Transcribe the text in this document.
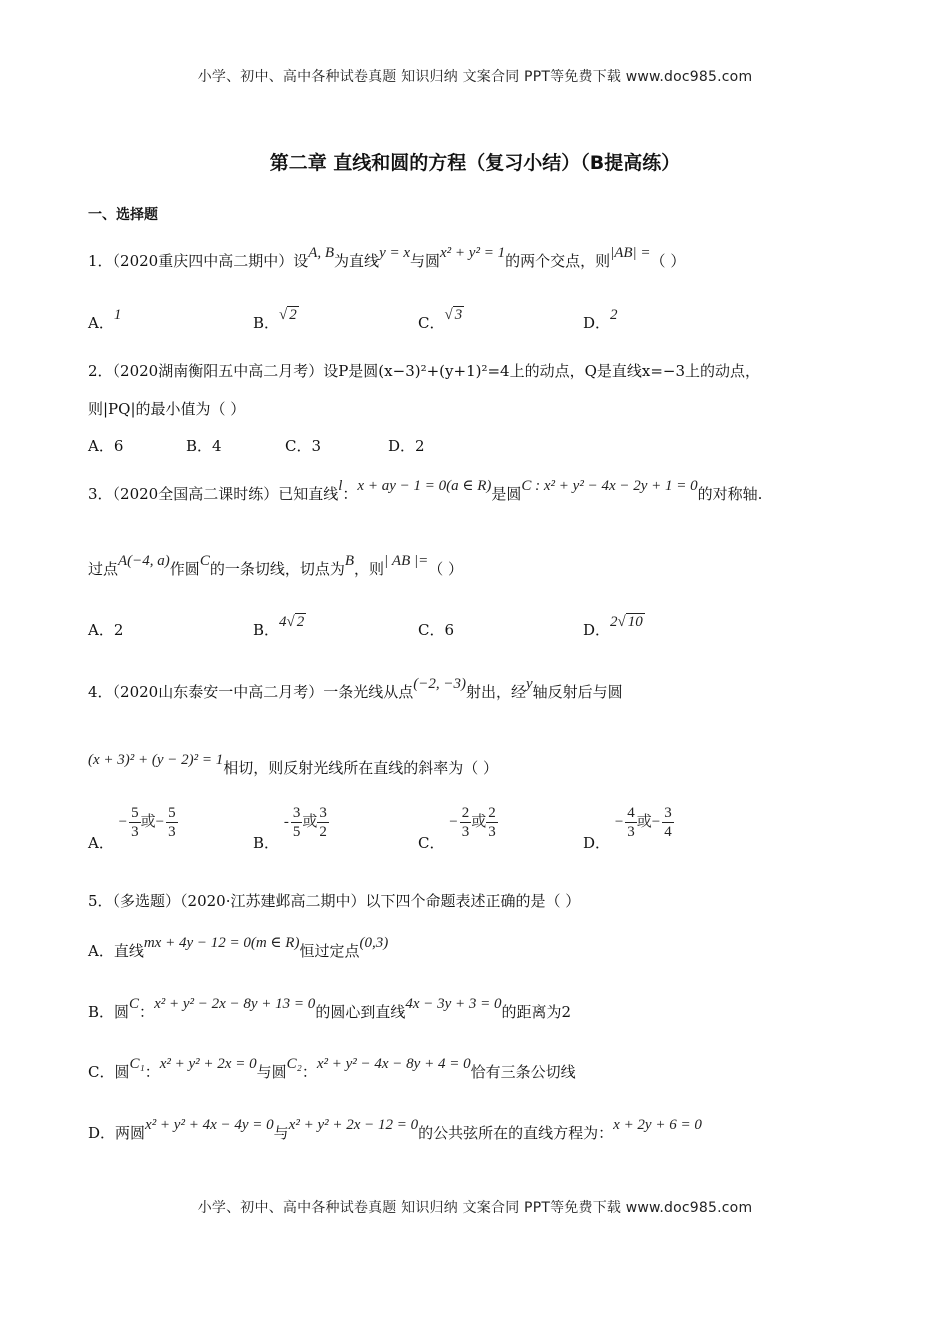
小学、初中、高中各种试卷真题 知识归纳 文案合同 PPT等免费下载 www.doc985.com
第二章 直线和圆的方程（复习小结）（B提高练）
一、选择题
1．（2020重庆四中高二期中）设A, B为直线y = x与圆x² + y² = 1的两个交点，则|AB| =（ ）
A．1	B．√ 2	C．√ 3	D．2
2．（2020湖南衡阳五中高二月考）设P是圆(x−3)²+(y+1)²=4上的动点，Q是直线x=−3上的动点，
则|PQ|的最小值为（ ）
A．6	B．4	C．3	D．2
3．（2020全国高二课时练）已知直线l：x + ay − 1 = 0(a ∈ R)是圆C : x² + y² − 4x − 2y + 1 = 0的对称轴.
过点A(−4, a)作圆C的一条切线，切点为B，则| AB |=（ ）
A．2	B．4√ 2	C．6	D．2√ 10
4．（2020山东泰安一中高二月考）一条光线从点(−2, −3)射出，经y轴反射后与圆
(x + 3)² + (y − 2)² = 1相切，则反射光线所在直线的斜率为（ ）
A． − $\frac{5}{3}$ 或− $\frac{5}{3}$
B． - $\frac{3}{5}$ 或 $\frac{3}{2}$
C． − $\frac{2}{3}$ 或 $\frac{2}{3}$
D． − $\frac{4}{3}$ 或− $\frac{3}{4}$
5．（多选题）（2020·江苏建邺高二期中）以下四个命题表述正确的是（ ）
A．直线mx + 4y − 12 = 0(m ∈ R)恒过定点(0,3)
B．圆C：x² + y² − 2x − 8y + 13 = 0的圆心到直线4x − 3y + 3 = 0的距离为2
C．圆C₁：x² + y² + 2x = 0与圆C₂：x² + y² − 4x − 8y + 4 = 0恰有三条公切线
D．两圆x² + y² + 4x − 4y = 0与x² + y² + 2x − 12 = 0的公共弦所在的直线方程为：x + 2y + 6 = 0
小学、初中、高中各种试卷真题 知识归纳 文案合同 PPT等免费下载 www.doc985.com
